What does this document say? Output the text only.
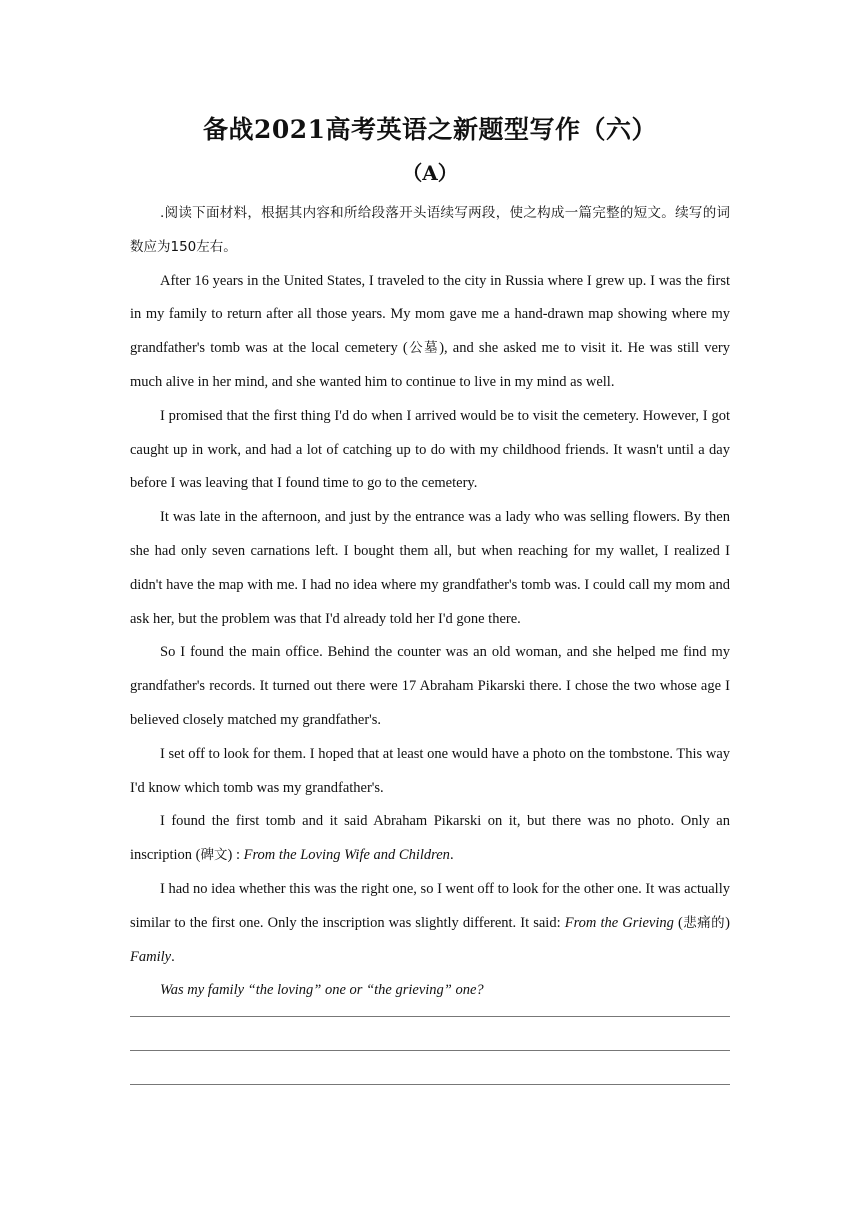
备战2021高考英语之新题型写作（六）
（A）

.阅读下面材料，根据其内容和所给段落开头语续写两段，使之构成一篇完整的短文。续写的词数应为150左右。

After 16 years in the United States, I traveled to the city in Russia where I grew up. I was the first in my family to return after all those years. My mom gave me a hand-drawn map showing where my grandfather's tomb was at the local cemetery (公墓), and she asked me to visit it. He was still very much alive in her mind, and she wanted him to continue to live in my mind as well.

I promised that the first thing I'd do when I arrived would be to visit the cemetery. However, I got caught up in work, and had a lot of catching up to do with my childhood friends. It wasn't until a day before I was leaving that I found time to go to the cemetery.

It was late in the afternoon, and just by the entrance was a lady who was selling flowers. By then she had only seven carnations left. I bought them all, but when reaching for my wallet, I realized I didn't have the map with me. I had no idea where my grandfather's tomb was. I could call my mom and ask her, but the problem was that I'd already told her I'd gone there.

So I found the main office. Behind the counter was an old woman, and she helped me find my grandfather's records. It turned out there were 17 Abraham Pikarski there. I chose the two whose age I believed closely matched my grandfather's.

I set off to look for them. I hoped that at least one would have a photo on the tombstone. This way I'd know which tomb was my grandfather's.

I found the first tomb and it said Abraham Pikarski on it, but there was no photo. Only an inscription (碑文) : From the Loving Wife and Children.

I had no idea whether this was the right one, so I went off to look for the other one. It was actually similar to the first one. Only the inscription was slightly different. It said: From the Grieving (悲痛的) Family.

Was my family “the loving” one or “the grieving” one?
